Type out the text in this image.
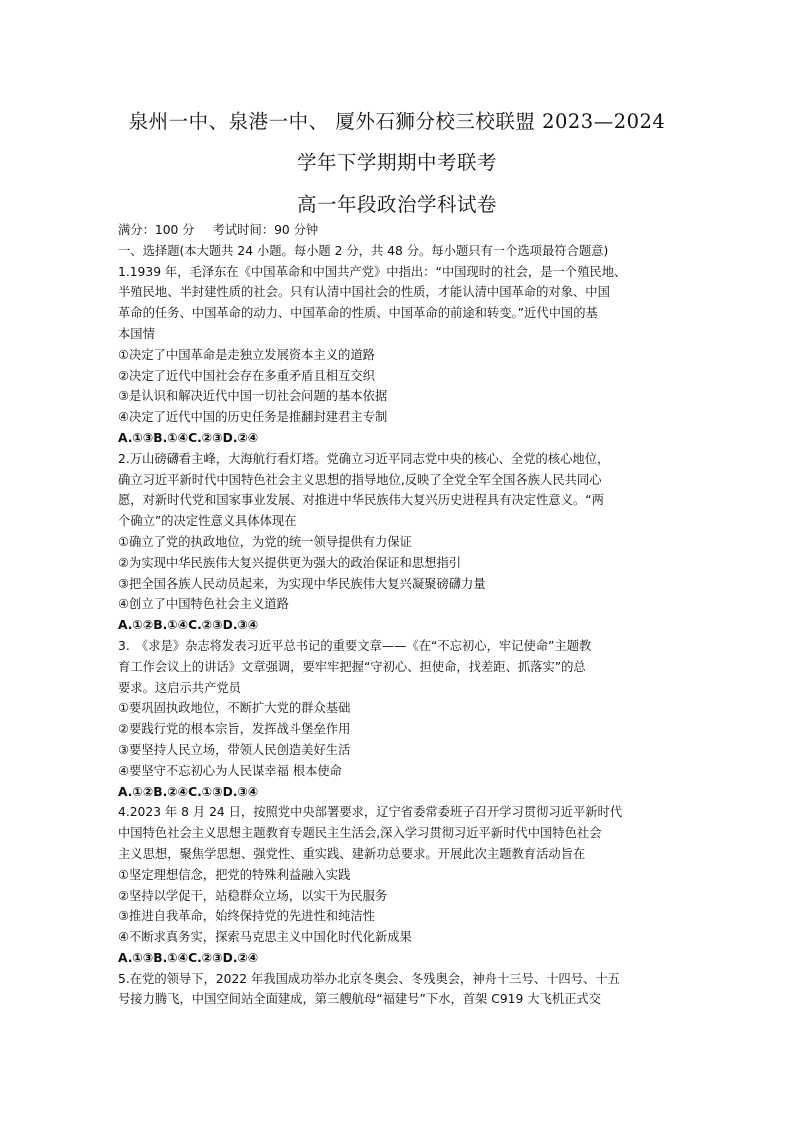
泉州一中、泉港一中、 厦外石狮分校三校联盟 2023—2024
学年下学期期中考联考
高一年段政治学科试卷
满分：100 分 考试时间：90 分钟
一、选择题(本大题共 24 小题。每小题 2 分，共 48 分。每小题只有一个选项最符合题意)
1.1939 年，毛泽东在《中国革命和中国共产党》中指出：“中国现时的社会，是一个殖民地、
半殖民地、半封建性质的社会。只有认清中国社会的性质，才能认清中国革命的对象、中国
革命的任务、中国革命的动力、中国革命的性质、中国革命的前途和转变。”近代中国的基
本国情
①决定了中国革命是走独立发展资本主义的道路
②决定了近代中国社会存在多重矛盾且相互交织
③是认识和解决近代中国一切社会问题的基本依据
④决定了近代中国的历史任务是推翻封建君主专制
A.①③B.①④C.②③D.②④
2.万山磅礴看主峰，大海航行看灯塔。党确立习近平同志党中央的核心、全党的核心地位，
确立习近平新时代中国特色社会主义思想的指导地位,反映了全党全军全国各族人民共同心
愿，对新时代党和国家事业发展、对推进中华民族伟大复兴历史进程具有决定性意义。“两
个确立”的决定性意义具体体现在
①确立了党的执政地位，为党的统一领导提供有力保证
②为实现中华民族伟大复兴提供更为强大的政治保证和思想指引
③把全国各族人民动员起来，为实现中华民族伟大复兴凝聚磅礴力量
④创立了中国特色社会主义道路
A.①②B.①④C.②③D.③④
3.　《求是》杂志将发表习近平总书记的重要文章——《在“不忘初心，牢记使命”主题教
育工作会议上的讲话》文章强调，要牢牢把握“守初心、担使命，找差距、抓落实”的总
要求。这启示共产党员
①要巩固执政地位，不断扩大党的群众基础
②要践行党的根本宗旨，发挥战斗堡垒作用
③要坚持人民立场，带领人民创造美好生活
④要坚守不忘初心为人民谋幸福 根本使命
A.①②B.②④C.①③D.③④
4.2023 年 8 月 24 日，按照党中央部署要求，辽宁省委常委班子召开学习贯彻习近平新时代
中国特色社会主义思想主题教育专题民主生活会,深入学习贯彻习近平新时代中国特色社会
主义思想，聚焦学思想、强党性、重实践、建新功总要求。开展此次主题教育活动旨在
①坚定理想信念，把党的特殊利益融入实践
②坚持以学促干，站稳群众立场，以实干为民服务
③推进自我革命，始终保持党的先进性和纯洁性
④不断求真务实，探索马克思主义中国化时代化新成果
A.①③B.①④C.②③D.②④
5.在党的领导下，2022 年我国成功举办北京冬奥会、冬残奥会，神舟十三号、十四号、十五
号接力腾飞，中国空间站全面建成，第三艘航母“福建号”下水，首架 C919 大飞机正式交
